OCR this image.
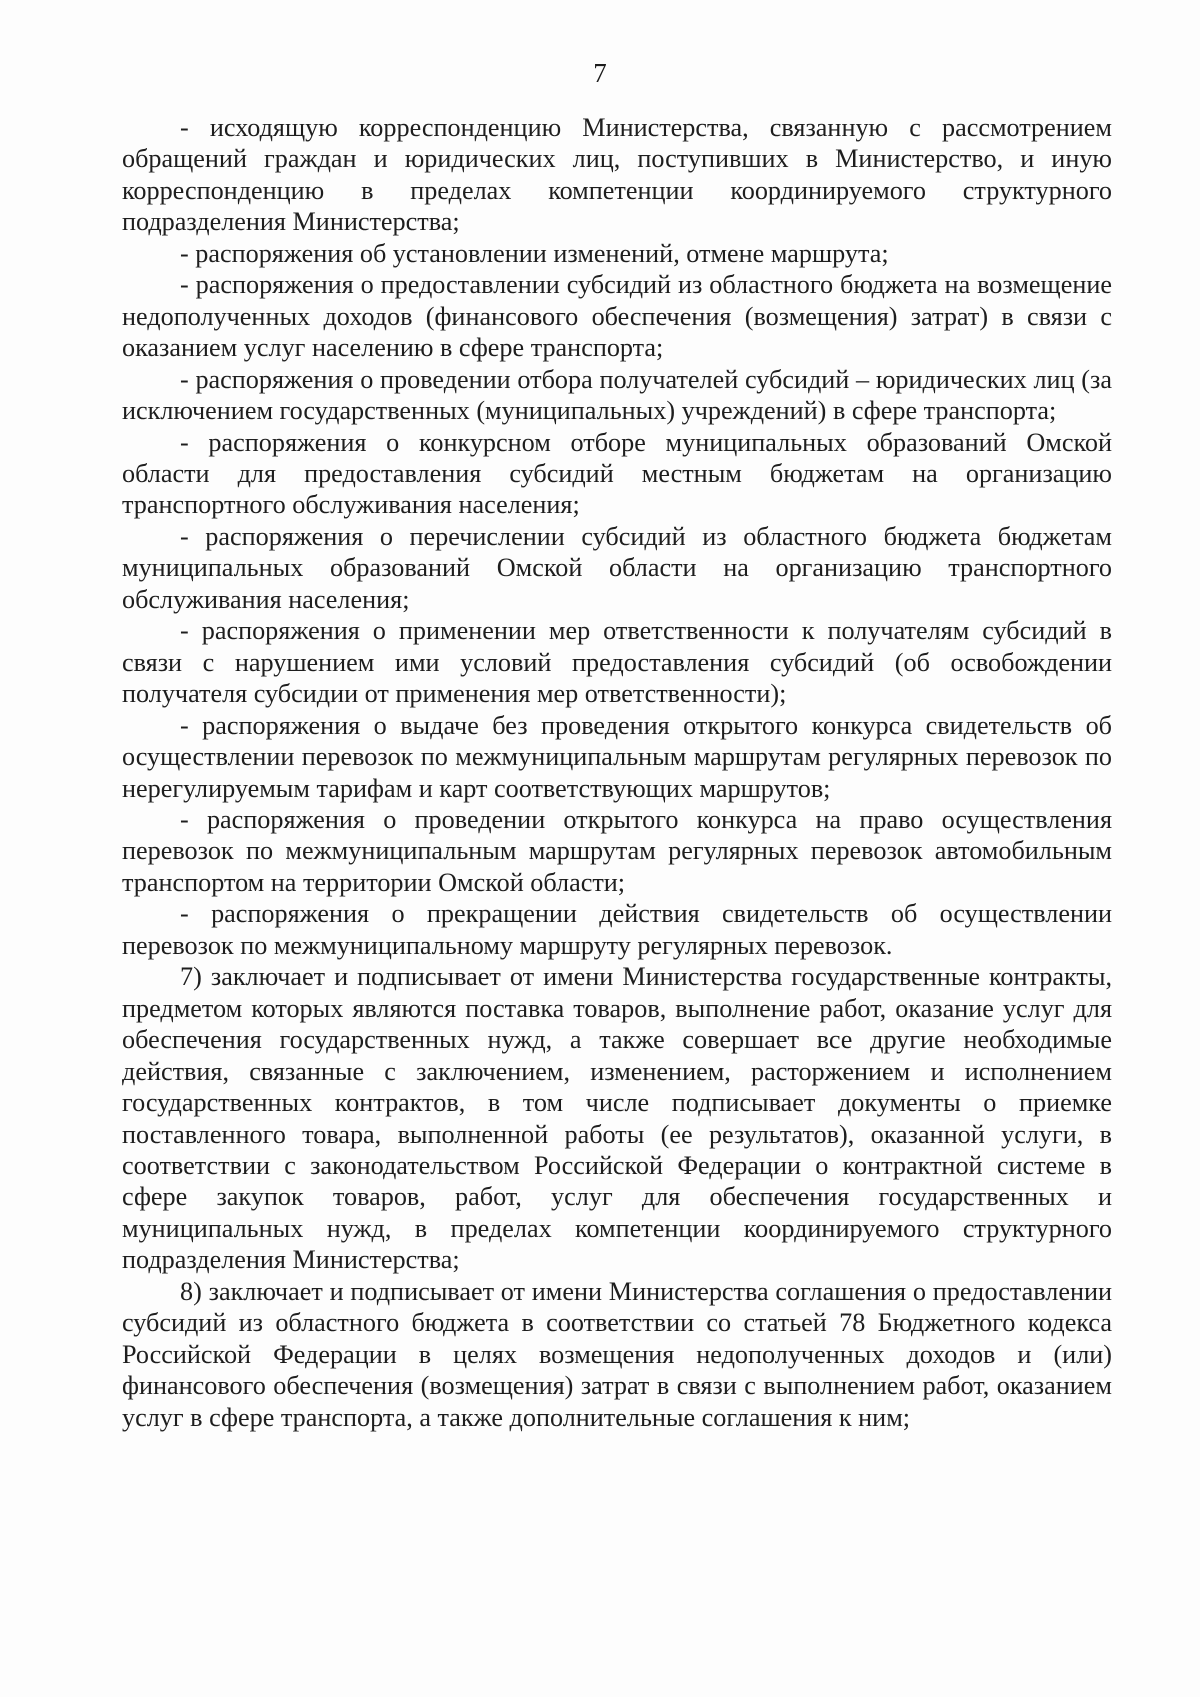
7

- исходящую корреспонденцию Министерства, связанную с рассмотрением обращений граждан и юридических лиц, поступивших в Министерство, и иную корреспонденцию в пределах компетенции координируемого структурного подразделения Министерства;

- распоряжения об установлении изменений, отмене маршрута;

- распоряжения о предоставлении субсидий из областного бюджета на возмещение недополученных доходов (финансового обеспечения (возмещения) затрат) в связи с оказанием услуг населению в сфере транспорта;

- распоряжения о проведении отбора получателей субсидий – юридических лиц (за исключением государственных (муниципальных) учреждений) в сфере транспорта;

- распоряжения о конкурсном отборе муниципальных образований Омской области для предоставления субсидий местным бюджетам на организацию транспортного обслуживания населения;

- распоряжения о перечислении субсидий из областного бюджета бюджетам муниципальных образований Омской области на организацию транспортного обслуживания населения;

- распоряжения о применении мер ответственности к получателям субсидий в связи с нарушением ими условий предоставления субсидий (об освобождении получателя субсидии от применения мер ответственности);

- распоряжения о выдаче без проведения открытого конкурса свидетельств об осуществлении перевозок по межмуниципальным маршрутам регулярных перевозок по нерегулируемым тарифам и карт соответствующих маршрутов;

- распоряжения о проведении открытого конкурса на право осуществления перевозок по межмуниципальным маршрутам регулярных перевозок автомобильным транспортом на территории Омской области;

- распоряжения о прекращении действия свидетельств об осуществлении перевозок по межмуниципальному маршруту регулярных перевозок.

7) заключает и подписывает от имени Министерства государственные контракты, предметом которых являются поставка товаров, выполнение работ, оказание услуг для обеспечения государственных нужд, а также совершает все другие необходимые действия, связанные с заключением, изменением, расторжением и исполнением государственных контрактов, в том числе подписывает документы о приемке поставленного товара, выполненной работы (ее результатов), оказанной услуги, в соответствии с законодательством Российской Федерации о контрактной системе в сфере закупок товаров, работ, услуг для обеспечения государственных и муниципальных нужд, в пределах компетенции координируемого структурного подразделения Министерства;

8) заключает и подписывает от имени Министерства соглашения о предоставлении субсидий из областного бюджета в соответствии со статьей 78 Бюджетного кодекса Российской Федерации в целях возмещения недополученных доходов и (или) финансового обеспечения (возмещения) затрат в связи с выполнением работ, оказанием услуг в сфере транспорта, а также дополнительные соглашения к ним;
